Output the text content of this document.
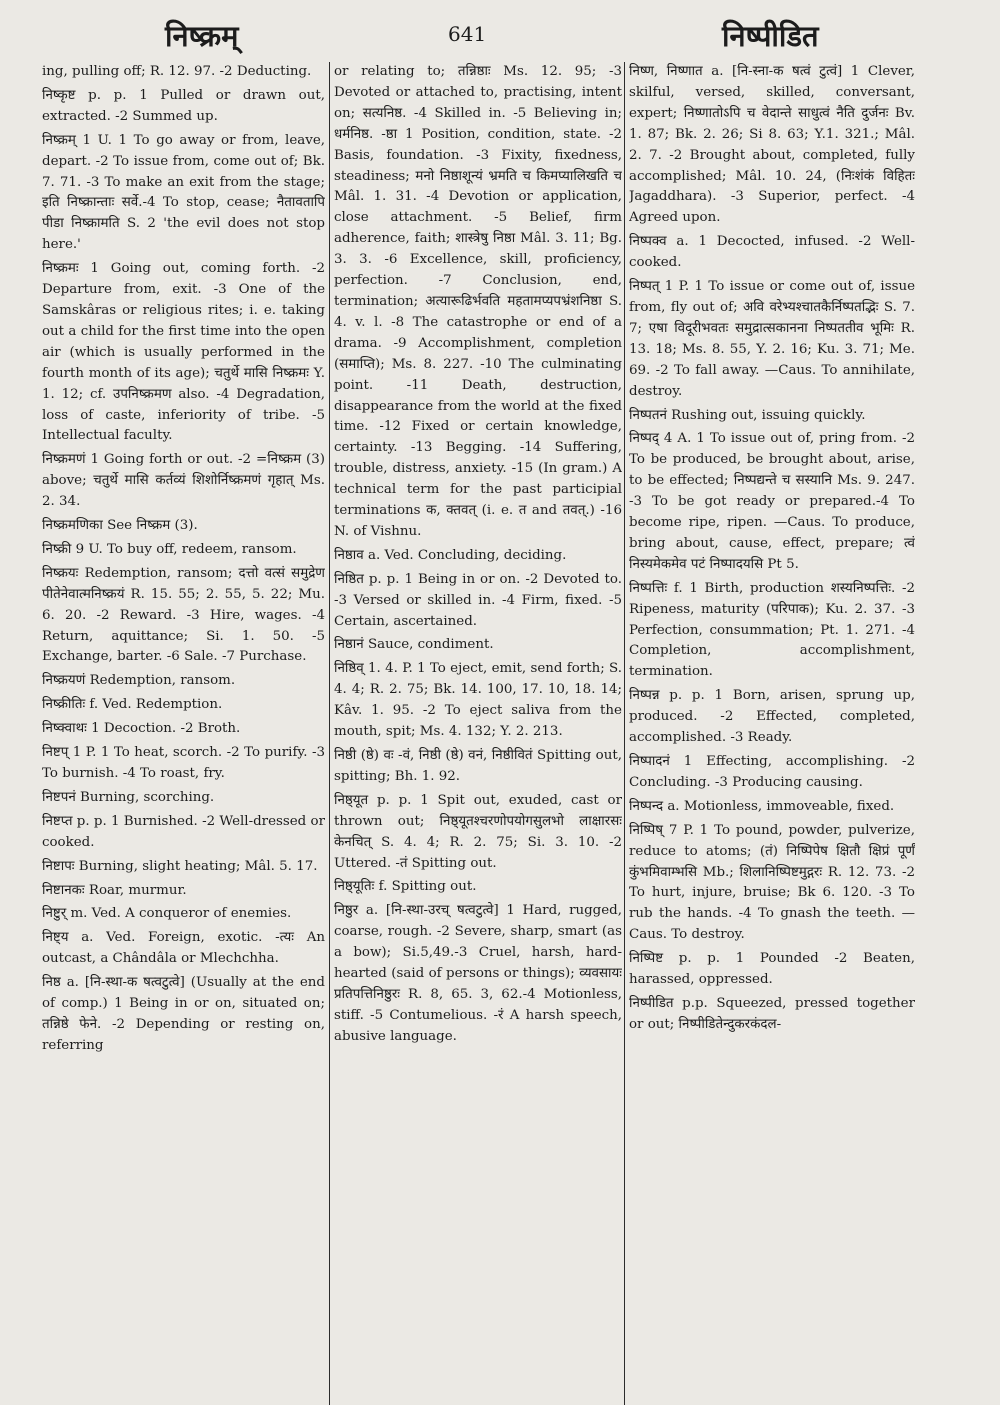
निष्क्रम्	641	निष्पीडित

ing, pulling off; R. 12. 97. -2 Deducting.

निष्कृष्ट p. p. 1 Pulled or drawn out, extracted. -2 Summed up.

निष्क्रम् 1 U. 1 To go away or from, leave, depart. -2 To issue from, come out of; Bk. 7. 71. -3 To make an exit from the stage; इति निष्क्रान्ताः सर्वे.-4 To stop, cease; नैतावतापि पीडा निष्क्रामति S. 2 'the evil does not stop here.'

निष्क्रमः 1 Going out, coming forth. -2 Departure from, exit. -3 One of the Samskâras or religious rites; i. e. taking out a child for the first time into the open air (which is usually performed in the fourth month of its age); चतुर्थे मासि निष्क्रमः Y. 1. 12; cf. उपनिष्क्रमण also. -4 Degradation, loss of caste, inferiority of tribe. -5 Intellectual faculty.

निष्क्रमणं 1 Going forth or out. -2 =निष्क्रम (3) above; चतुर्थे मासि कर्तव्यं शिशोर्निष्क्रमणं गृहात् Ms. 2. 34.

निष्क्रमणिका See निष्क्रम (3).

निष्क्री 9 U. To buy off, redeem, ransom.

निष्क्रयः Redemption, ransom; दत्तो वत्सं समुद्रेण पीतेनेवात्मनिष्क्रयं R. 15. 55; 2. 55, 5. 22; Mu. 6. 20. -2 Reward. -3 Hire, wages. -4 Return, aquittance; Si. 1. 50. -5 Exchange, barter. -6 Sale. -7 Purchase.

निष्क्रयणं Redemption, ransom.

निष्क्रीतिः f. Ved. Redemption.

निष्क्वाथः 1 Decoction. -2 Broth.

निष्टप् 1 P. 1 To heat, scorch. -2 To purify. -3 To burnish. -4 To roast, fry.

निष्टपनं Burning, scorching.

निष्टप्त p. p. 1 Burnished. -2 Well-dressed or cooked.

निष्टापः Burning, slight heating; Mâl. 5. 17.

निष्टानकः Roar, murmur.

निष्टुर् m. Ved. A conqueror of enemies.

निष्ट्य a. Ved. Foreign, exotic. -त्यः An outcast, a Chândâla or Mlechchha.

निष्ठ a. [नि-स्था-क षत्वटुत्वे] (Usually at the end of comp.) 1 Being in or on, situated on; तन्निष्ठे फेने. -2 Depending or resting on, referring

or relating to; तन्निष्ठाः Ms. 12. 95; -3 Devoted or attached to, practising, intent on; सत्यनिष्ठ. -4 Skilled in. -5 Believing in; धर्मनिष्ठ. -ष्ठा 1 Position, condition, state. -2 Basis, foundation. -3 Fixity, fixedness, steadiness; मनो निष्ठाशून्यं भ्रमति च किमप्यालिखति च Mâl. 1. 31. -4 Devotion or application, close attachment. -5 Belief, firm adherence, faith; शास्त्रेषु निष्ठा Mâl. 3. 11; Bg. 3. 3. -6 Excellence, skill, proficiency, perfection. -7 Conclusion, end, termination; अत्यारूढिर्भवति महतामप्यपभ्रंशनिष्ठा S. 4. v. l. -8 The catastrophe or end of a drama. -9 Accomplishment, completion (समाप्ति); Ms. 8. 227. -10 The culminating point. -11 Death, destruction, disappearance from the world at the fixed time. -12 Fixed or certain knowledge, certainty. -13 Begging. -14 Suffering, trouble, distress, anxiety. -15 (In gram.) A technical term for the past participial terminations क, क्तवत् (i. e. त and तवत्.) -16 N. of Vishnu.

निष्ठाव a. Ved. Concluding, deciding.

निष्ठित p. p. 1 Being in or on. -2 Devoted to. -3 Versed or skilled in. -4 Firm, fixed. -5 Certain, ascertained.

निष्ठानं Sauce, condiment.

निष्ठिव् 1. 4. P. 1 To eject, emit, send forth; S. 4. 4; R. 2. 75; Bk. 14. 100, 17. 10, 18. 14; Kâv. 1. 95. -2 To eject saliva from the mouth, spit; Ms. 4. 132; Y. 2. 213.

निष्ठी (ष्ठे) वः -वं, निष्ठी (ष्ठे) वनं, निष्ठीवितं Spitting out, spitting; Bh. 1. 92.

निष्ठ्यूत p. p. 1 Spit out, exuded, cast or thrown out; निष्ठ्यूतश्चरणोपयोगसुलभो लाक्षारसः केनचित् S. 4. 4; R. 2. 75; Si. 3. 10. -2 Uttered. -तं Spitting out.

निष्ठ्यूतिः f. Spitting out.

निष्ठुर a. [नि-स्था-उरच् षत्वटुत्वे] 1 Hard, rugged, coarse, rough. -2 Severe, sharp, smart (as a bow); Si.5,49.-3 Cruel, harsh, hard-hearted (said of persons or things); व्यवसायः प्रतिपत्तिनिष्ठुरः R. 8, 65. 3, 62.-4 Motionless, stiff. -5 Contumelious. -रं A harsh speech, abusive language.

निष्ण, निष्णात a. [नि-स्ना-क षत्वं टुत्वं] 1 Clever, skilful, versed, skilled, conversant, expert; निष्णातोऽपि च वेदान्ते साधुत्वं नैति दुर्जनः Bv. 1. 87; Bk. 2. 26; Si 8. 63; Y.1. 321.; Mâl. 2. 7. -2 Brought about, completed, fully accomplished; Mâl. 10. 24, (निःशंकं विहितः Jagaddhara). -3 Superior, perfect. -4 Agreed upon.

निष्पक्व a. 1 Decocted, infused. -2 Well-cooked.

निष्पत् 1 P. 1 To issue or come out of, issue from, fly out of; अवि वरेभ्यश्चातकैर्निष्पतद्भिः S. 7. 7; एषा विदूरीभवतः समुद्रात्सकानना निष्पततीव भूमिः R. 13. 18; Ms. 8. 55, Y. 2. 16; Ku. 3. 71; Me. 69. -2 To fall away. —Caus. To annihilate, destroy.

निष्पतनं Rushing out, issuing quickly.

निष्पद् 4 A. 1 To issue out of, pring from. -2 To be produced, be brought about, arise, to be effected; निष्पद्यन्ते च सस्यानि Ms. 9. 247. -3 To be got ready or prepared.-4 To become ripe, ripen. —Caus. To produce, bring about, cause, effect, prepare; त्वं निस्यमेकमेव पटं निष्पादयसि Pt 5.

निष्पत्तिः f. 1 Birth, production शस्यनिष्पत्तिः. -2 Ripeness, maturity (परिपाक); Ku. 2. 37. -3 Perfection, consummation; Pt. 1. 271. -4 Completion, accomplishment, termination.

निष्पन्न p. p. 1 Born, arisen, sprung up, produced. -2 Effected, completed, accomplished. -3 Ready.

निष्पादनं 1 Effecting, accomplishing. -2 Concluding. -3 Producing causing.

निष्पन्द a. Motionless, immoveable, fixed.

निष्पिष् 7 P. 1 To pound, powder, pulverize, reduce to atoms; (तं) निष्पिपेष क्षितौ क्षिप्रं पूर्णं कुंभमिवाम्भसि Mb.; शिलानिष्पिष्टमुद्गरः R. 12. 73. -2 To hurt, injure, bruise; Bk 6. 120. -3 To rub the hands. -4 To gnash the teeth. —Caus. To destroy.

निष्पिष्ट p. p. 1 Pounded -2 Beaten, harassed, oppressed.

निष्पीडित p.p. Squeezed, pressed together or out; निष्पीडितेन्दुकरकंदल-
